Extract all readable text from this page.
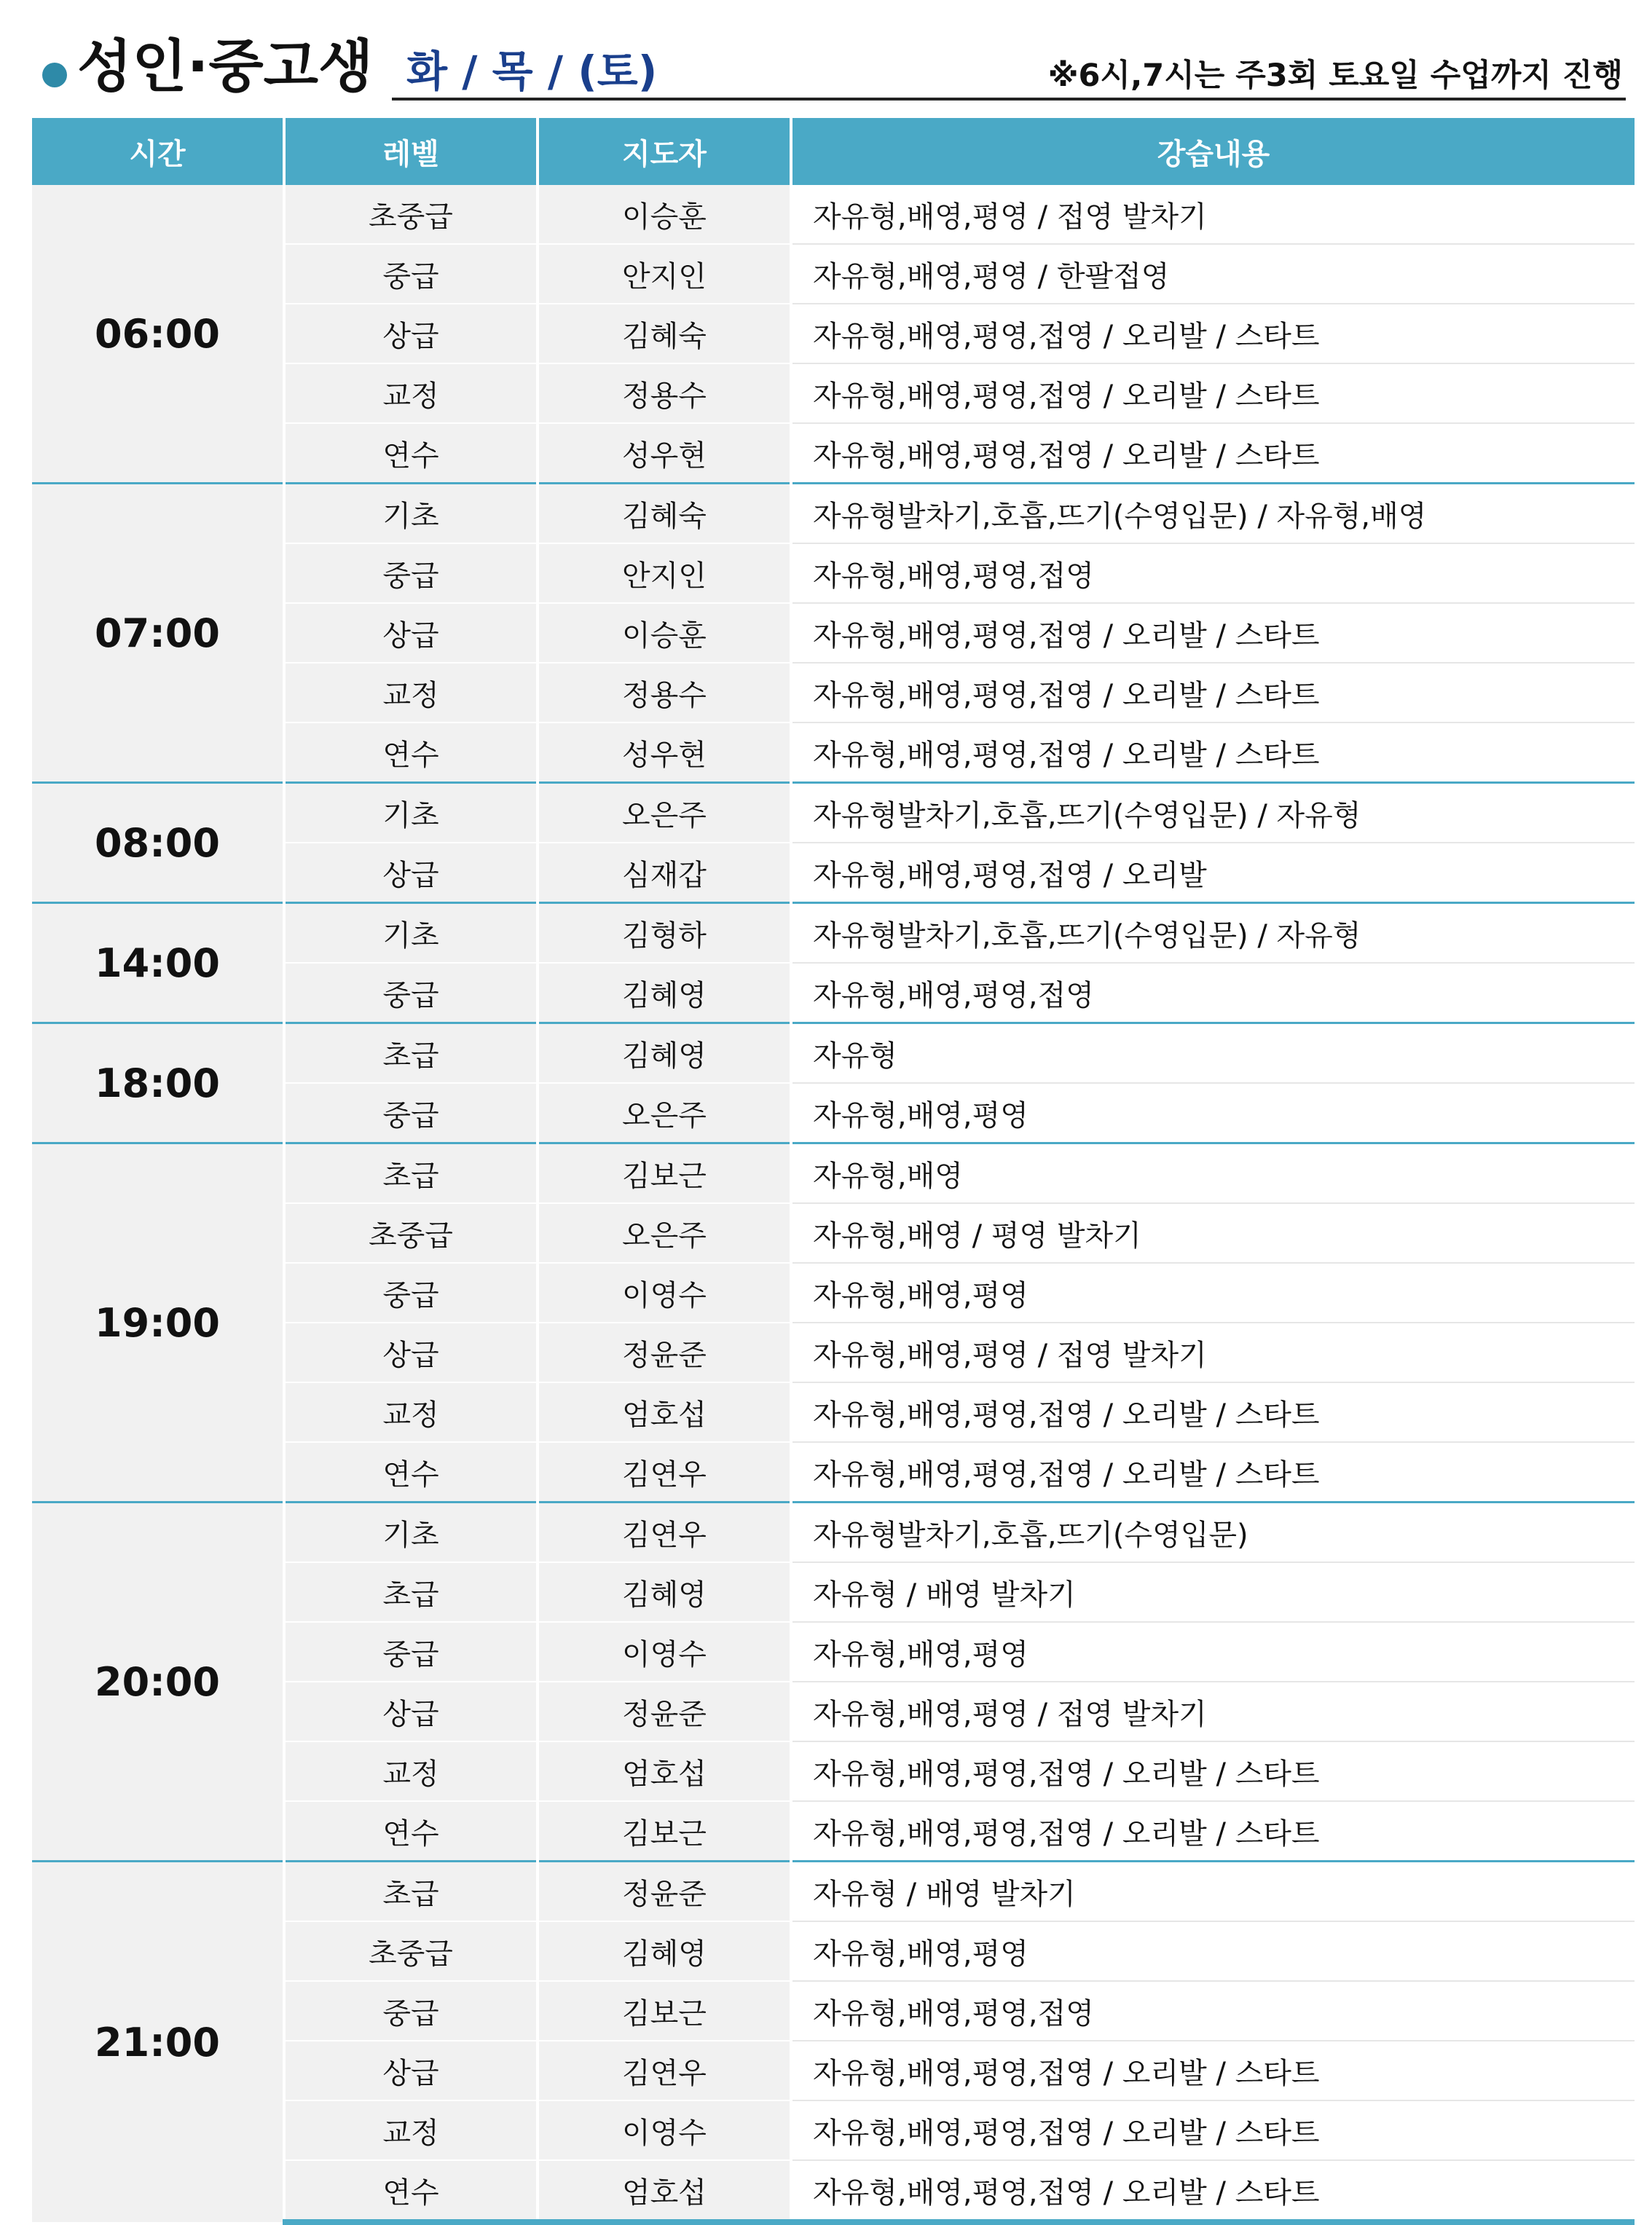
성인·중고생 화 / 목 / (토)	※6시,7시는 주3회 토요일 수업까지 진행
시간	레벨	지도자	강습내용
06:00	초중급	이승훈	자유형,배영,평영 / 접영 발차기
	중급	안지인	자유형,배영,평영 / 한팔접영
	상급	김혜숙	자유형,배영,평영,접영 / 오리발 / 스타트
	교정	정용수	자유형,배영,평영,접영 / 오리발 / 스타트
	연수	성우현	자유형,배영,평영,접영 / 오리발 / 스타트
07:00	기초	김혜숙	자유형발차기,호흡,뜨기(수영입문) / 자유형,배영
	중급	안지인	자유형,배영,평영,접영
	상급	이승훈	자유형,배영,평영,접영 / 오리발 / 스타트
	교정	정용수	자유형,배영,평영,접영 / 오리발 / 스타트
	연수	성우현	자유형,배영,평영,접영 / 오리발 / 스타트
08:00	기초	오은주	자유형발차기,호흡,뜨기(수영입문) / 자유형
	상급	심재갑	자유형,배영,평영,접영 / 오리발
14:00	기초	김형하	자유형발차기,호흡,뜨기(수영입문) / 자유형
	중급	김혜영	자유형,배영,평영,접영
18:00	초급	김혜영	자유형
	중급	오은주	자유형,배영,평영
19:00	초급	김보근	자유형,배영
	초중급	오은주	자유형,배영 / 평영 발차기
	중급	이영수	자유형,배영,평영
	상급	정윤준	자유형,배영,평영 / 접영 발차기
	교정	엄호섭	자유형,배영,평영,접영 / 오리발 / 스타트
	연수	김연우	자유형,배영,평영,접영 / 오리발 / 스타트
20:00	기초	김연우	자유형발차기,호흡,뜨기(수영입문)
	초급	김혜영	자유형 / 배영 발차기
	중급	이영수	자유형,배영,평영
	상급	정윤준	자유형,배영,평영 / 접영 발차기
	교정	엄호섭	자유형,배영,평영,접영 / 오리발 / 스타트
	연수	김보근	자유형,배영,평영,접영 / 오리발 / 스타트
21:00	초급	정윤준	자유형 / 배영 발차기
	초중급	김혜영	자유형,배영,평영
	중급	김보근	자유형,배영,평영,접영
	상급	김연우	자유형,배영,평영,접영 / 오리발 / 스타트
	교정	이영수	자유형,배영,평영,접영 / 오리발 / 스타트
	연수	엄호섭	자유형,배영,평영,접영 / 오리발 / 스타트
